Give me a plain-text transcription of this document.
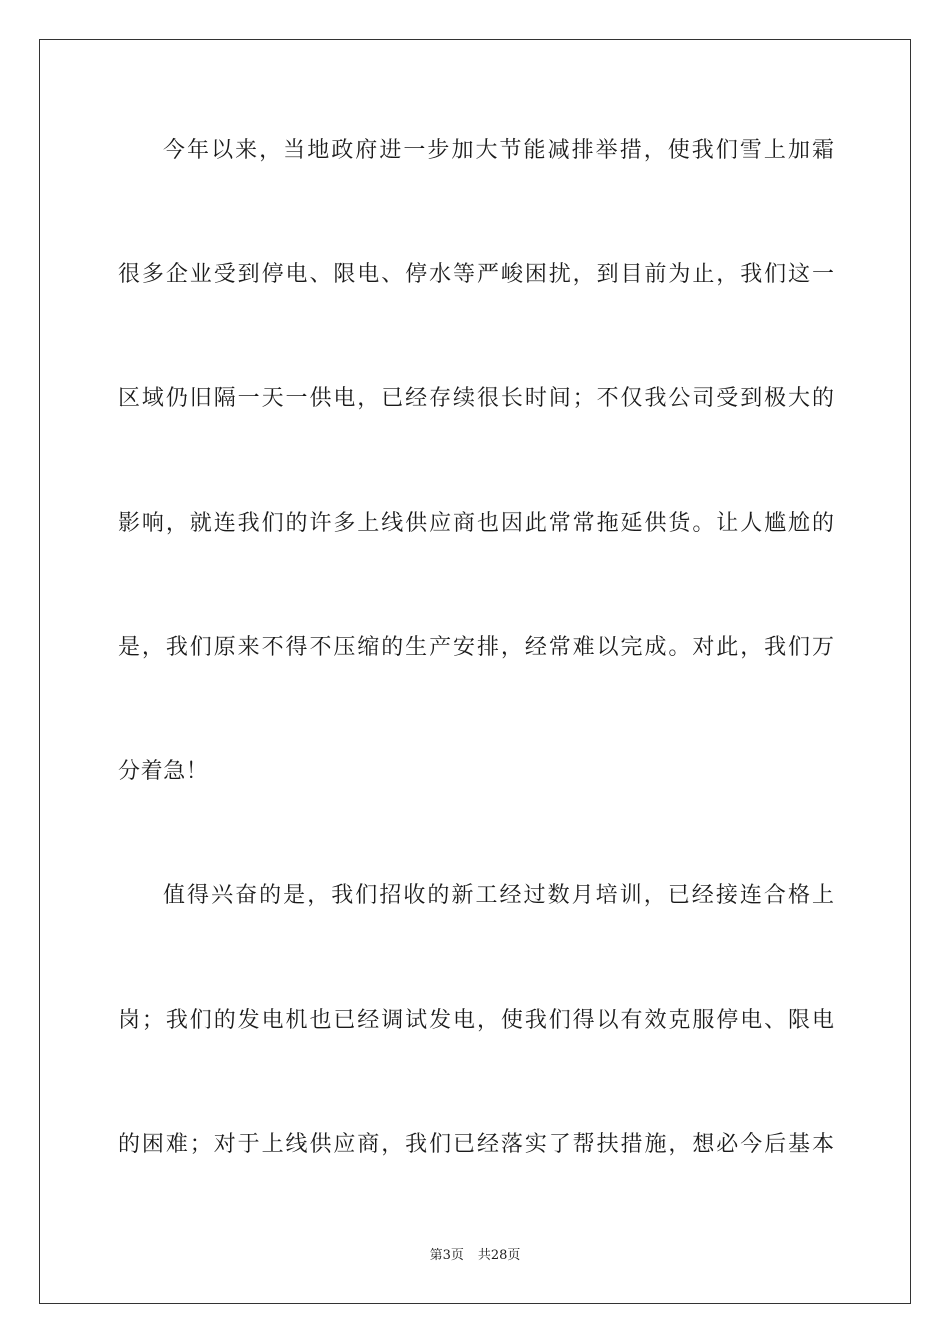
今年以来，当地政府进一步加大节能减排举措，使我们雪上加霜
很多企业受到停电、限电、停水等严峻困扰，到目前为止，我们这一
区域仍旧隔一天一供电，已经存续很长时间；不仅我公司受到极大的
影响，就连我们的许多上线供应商也因此常常拖延供货。让人尴尬的
是，我们原来不得不压缩的生产安排，经常难以完成。对此，我们万
分着急！
值得兴奋的是，我们招收的新工经过数月培训，已经接连合格上
岗；我们的发电机也已经调试发电，使我们得以有效克服停电、限电
的困难；对于上线供应商，我们已经落实了帮扶措施，想必今后基本
第3页 共28页
